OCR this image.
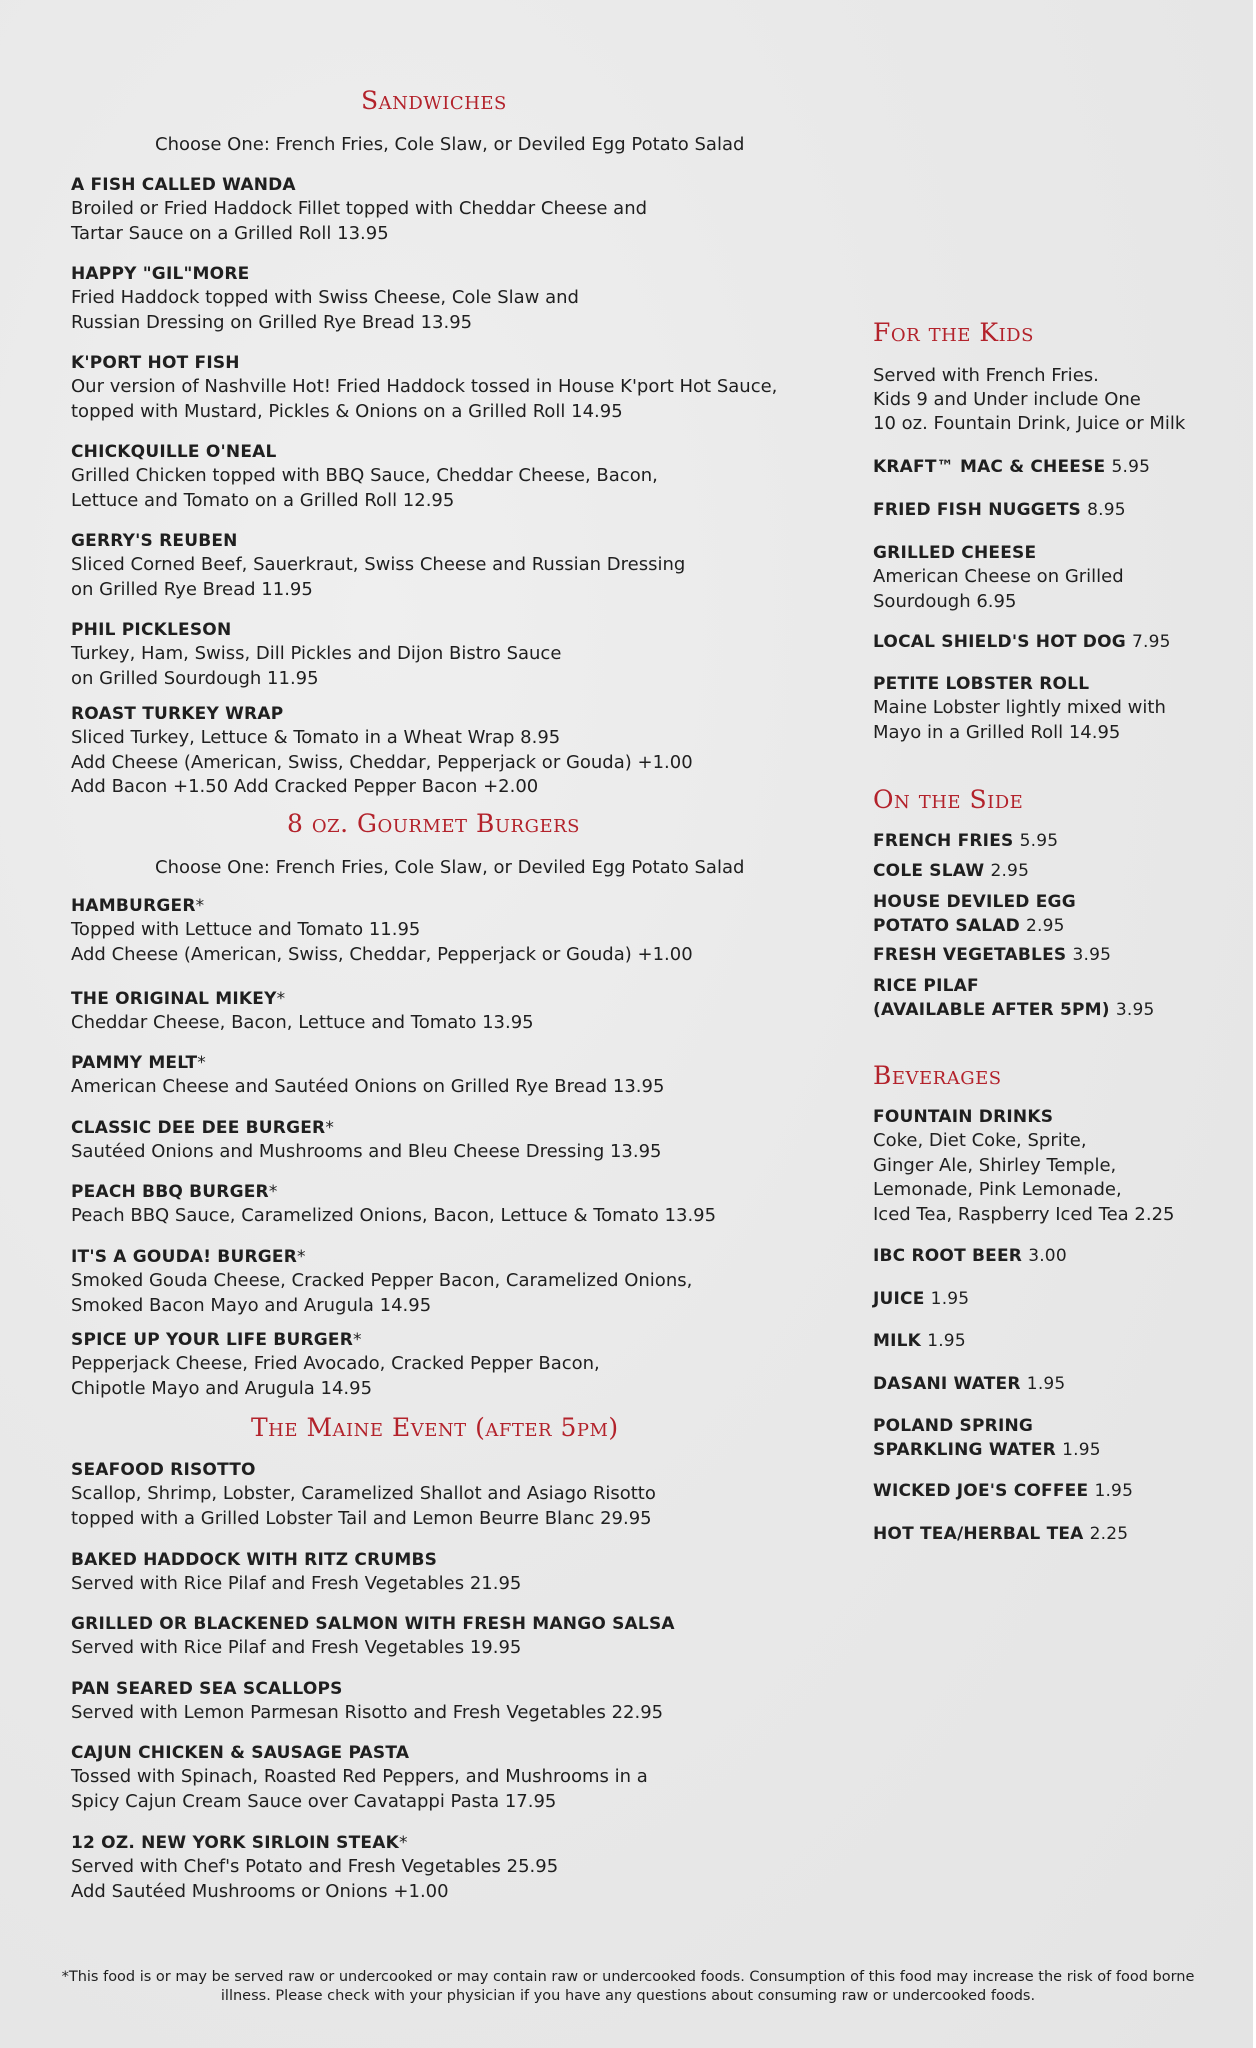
Sandwiches
Choose One: French Fries, Cole Slaw, or Deviled Egg Potato Salad
A FISH CALLED WANDA
Broiled or Fried Haddock Fillet topped with Cheddar Cheese and
Tartar Sauce on a Grilled Roll 13.95
HAPPY "GIL"MORE
Fried Haddock topped with Swiss Cheese, Cole Slaw and
Russian Dressing on Grilled Rye Bread 13.95
K'PORT HOT FISH
Our version of Nashville Hot! Fried Haddock tossed in House K'port Hot Sauce,
topped with Mustard, Pickles & Onions on a Grilled Roll 14.95
CHICKQUILLE O'NEAL
Grilled Chicken topped with BBQ Sauce, Cheddar Cheese, Bacon,
Lettuce and Tomato on a Grilled Roll 12.95
GERRY'S REUBEN
Sliced Corned Beef, Sauerkraut, Swiss Cheese and Russian Dressing
on Grilled Rye Bread 11.95
PHIL PICKLESON
Turkey, Ham, Swiss, Dill Pickles and Dijon Bistro Sauce
on Grilled Sourdough 11.95
ROAST TURKEY WRAP
Sliced Turkey, Lettuce & Tomato in a Wheat Wrap 8.95
Add Cheese (American, Swiss, Cheddar, Pepperjack or Gouda) +1.00
Add Bacon +1.50 Add Cracked Pepper Bacon +2.00
8 oz. Gourmet Burgers
Choose One: French Fries, Cole Slaw, or Deviled Egg Potato Salad
HAMBURGER*
Topped with Lettuce and Tomato 11.95
Add Cheese (American, Swiss, Cheddar, Pepperjack or Gouda) +1.00
THE ORIGINAL MIKEY*
Cheddar Cheese, Bacon, Lettuce and Tomato 13.95
PAMMY MELT*
American Cheese and Sautéed Onions on Grilled Rye Bread 13.95
CLASSIC DEE DEE BURGER*
Sautéed Onions and Mushrooms and Bleu Cheese Dressing 13.95
PEACH BBQ BURGER*
Peach BBQ Sauce, Caramelized Onions, Bacon, Lettuce & Tomato 13.95
IT'S A GOUDA! BURGER*
Smoked Gouda Cheese, Cracked Pepper Bacon, Caramelized Onions,
Smoked Bacon Mayo and Arugula 14.95
SPICE UP YOUR LIFE BURGER*
Pepperjack Cheese, Fried Avocado, Cracked Pepper Bacon,
Chipotle Mayo and Arugula 14.95
The Maine Event (after 5pm)
SEAFOOD RISOTTO
Scallop, Shrimp, Lobster, Caramelized Shallot and Asiago Risotto
topped with a Grilled Lobster Tail and Lemon Beurre Blanc 29.95
BAKED HADDOCK WITH RITZ CRUMBS
Served with Rice Pilaf and Fresh Vegetables 21.95
GRILLED OR BLACKENED SALMON WITH FRESH MANGO SALSA
Served with Rice Pilaf and Fresh Vegetables 19.95
PAN SEARED SEA SCALLOPS
Served with Lemon Parmesan Risotto and Fresh Vegetables 22.95
CAJUN CHICKEN & SAUSAGE PASTA
Tossed with Spinach, Roasted Red Peppers, and Mushrooms in a
Spicy Cajun Cream Sauce over Cavatappi Pasta 17.95
12 OZ. NEW YORK SIRLOIN STEAK*
Served with Chef's Potato and Fresh Vegetables 25.95
Add Sautéed Mushrooms or Onions +1.00
For the Kids
Served with French Fries.
Kids 9 and Under include One
10 oz. Fountain Drink, Juice or Milk
KRAFT™ MAC & CHEESE 5.95
FRIED FISH NUGGETS 8.95
GRILLED CHEESE
American Cheese on Grilled
Sourdough 6.95
LOCAL SHIELD'S HOT DOG 7.95
PETITE LOBSTER ROLL
Maine Lobster lightly mixed with
Mayo in a Grilled Roll 14.95
On the Side
FRENCH FRIES 5.95
COLE SLAW 2.95
HOUSE DEVILED EGG
POTATO SALAD 2.95
FRESH VEGETABLES 3.95
RICE PILAF
(AVAILABLE AFTER 5PM) 3.95
Beverages
FOUNTAIN DRINKS
Coke, Diet Coke, Sprite,
Ginger Ale, Shirley Temple,
Lemonade, Pink Lemonade,
Iced Tea, Raspberry Iced Tea 2.25
IBC ROOT BEER 3.00
JUICE 1.95
MILK 1.95
DASANI WATER 1.95
POLAND SPRING
SPARKLING WATER 1.95
WICKED JOE'S COFFEE 1.95
HOT TEA/HERBAL TEA 2.25
*This food is or may be served raw or undercooked or may contain raw or undercooked foods. Consumption of this food may increase the risk of food borne
illness. Please check with your physician if you have any questions about consuming raw or undercooked foods.
